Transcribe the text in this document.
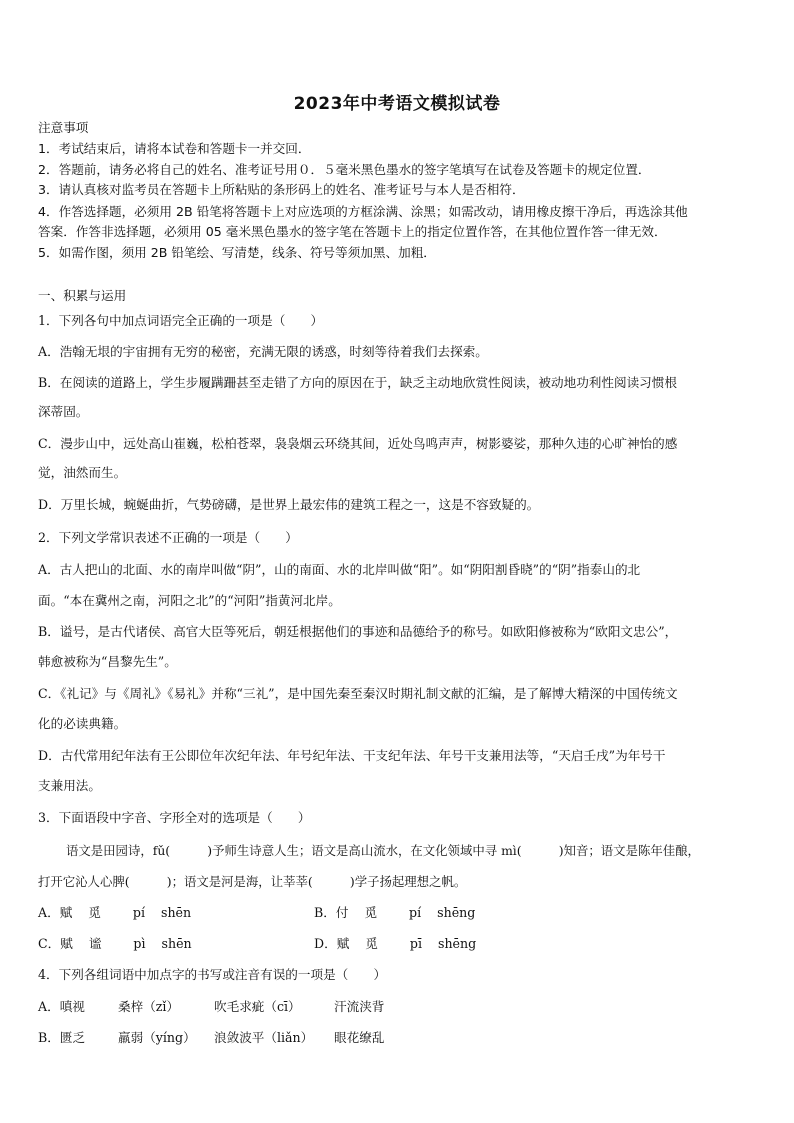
2023年中考语文模拟试卷
注意事项
1．考试结束后，请将本试卷和答题卡一并交回．
2．答题前，请务必将自己的姓名、准考证号用０．５毫米黑色墨水的签字笔填写在试卷及答题卡的规定位置．
3．请认真核对监考员在答题卡上所粘贴的条形码上的姓名、准考证号与本人是否相符．
4．作答选择题，必须用 2B 铅笔将答题卡上对应选项的方框涂满、涂黑；如需改动，请用橡皮擦干净后，再选涂其他
答案．作答非选择题，必须用 05 毫米黑色墨水的签字笔在答题卡上的指定位置作答，在其他位置作答一律无效．
5．如需作图，须用 2B 铅笔绘、写清楚，线条、符号等须加黑、加粗．
一、积累与运用
1．下列各句中加点词语完全正确的一项是（　　）
A．浩翰无垠的宇宙拥有无穷的秘密，充满无限的诱惑，时刻等待着我们去探索。
B．在阅读的道路上，学生步履蹒跚甚至走错了方向的原因在于，缺乏主动地欣赏性阅读，被动地功利性阅读习惯根
深蒂固。
C．漫步山中，远处高山崔巍，松柏苍翠，袅袅烟云环绕其间，近处鸟鸣声声，树影婆娑，那种久违的心旷神怡的感
觉，油然而生。
D．万里长城，蜿蜒曲折，气势磅礴，是世界上最宏伟的建筑工程之一，这是不容致疑的。
2．下列文学常识表述不正确的一项是（　　）
A．古人把山的北面、水的南岸叫做“阴”，山的南面、水的北岸叫做“阳”。如“阴阳割昏晓”的“阴”指泰山的北
面。“本在冀州之南，河阳之北”的“河阳”指黄河北岸。
B．谥号，是古代诸侯、高官大臣等死后，朝廷根据他们的事迹和品德给予的称号。如欧阳修被称为“欧阳文忠公”，
韩愈被称为“昌黎先生”。
C．《礼记》与《周礼》《易礼》并称“三礼”，是中国先秦至秦汉时期礼制文献的汇编，是了解博大精深的中国传统文
化的必读典籍。
D．古代常用纪年法有王公即位年次纪年法、年号纪年法、干支纪年法、年号干支兼用法等，“天启壬戌”为年号干
支兼用法。
3．下面语段中字音、字形全对的选项是（　　）
语文是田园诗，fǔ(　　　)予师生诗意人生；语文是高山流水，在文化领域中寻 mì(　　　)知音；语文是陈年佳酿，
打开它沁人心脾(　　　)；语文是河是海，让莘莘(　　　)学子扬起理想之帆。
A．赋 觅	pí shēn	B．付 觅	pí shēng
C．赋 谧	pì shēn	D．赋 觅	pī shēng
4．下列各组词语中加点字的书写或注音有误的一项是（　　）
A．嗔视	桑梓（zǐ）	吹毛求疵（cī）	汗流浃背
B．匮乏	羸弱（yíng） 浪敛波平（liǎn） 眼花缭乱
